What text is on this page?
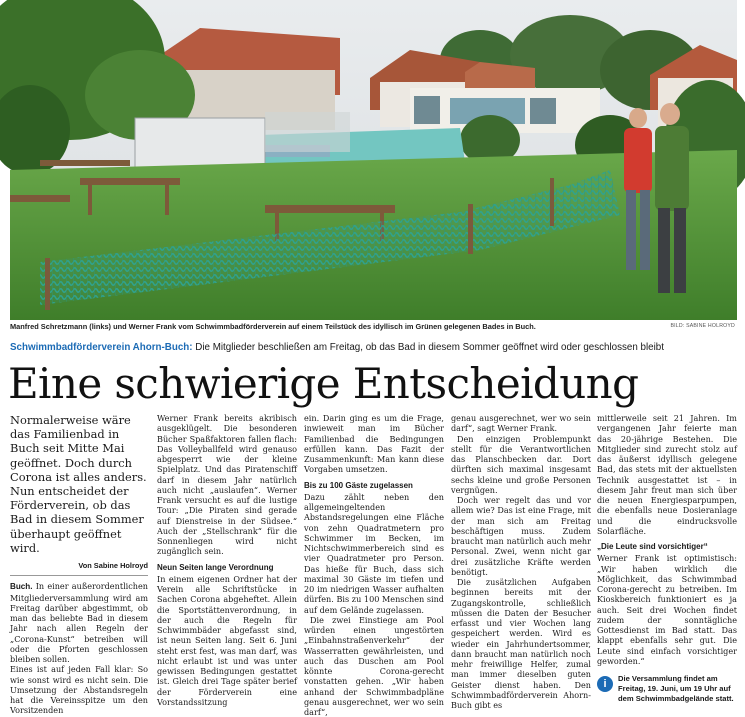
Manfred Schretzmann (links) und Werner Frank vom Schwimmbadförderverein auf einem Teilstück des idyllisch im Grünen gelegenen Bades in Buch.	BILD: SABINE HOLROYD
Schwimmbadförderverein Ahorn-Buch: Die Mitglieder beschließen am Freitag, ob das Bad in diesem Sommer geöffnet wird oder geschlossen bleibt
Eine schwierige Entscheidung

Normalerweise wäre das Familienbad in Buch seit Mitte Mai geöffnet. Doch durch Corona ist alles anders. Nun entscheidet der Förderverein, ob das Bad in diesem Sommer überhaupt geöffnet wird.

Von Sabine Holroyd

Buch. In einer außerordentlichen Mitgliederversammlung wird am Freitag darüber abgestimmt, ob man das beliebte Bad in diesem Jahr nach allen Regeln der „Corona-Kunst“ betreiben will oder die Pforten geschlossen bleiben sollen.

Eines ist auf jeden Fall klar: So wie sonst wird es nicht sein. Die Umsetzung der Abstandsregeln hat die Vereinsspitze um den Vorsitzenden

Werner Frank bereits akribisch ausgeklügelt. Die besonderen Bücher Spaßfaktoren fallen flach: Das Volleyballfeld wird genauso abgesperrt wie der kleine Spielplatz. Und das Piratenschiff darf in diesem Jahr natürlich auch nicht „auslaufen“. Werner Frank versucht es auf die lustige Tour: „Die Piraten sind gerade auf Dienstreise in der Südsee.“ Auch der „Stellschrank“ für die Sonnenliegen wird nicht zugänglich sein.

Neun Seiten lange Verordnung

In einem eigenen Ordner hat der Verein alle Schriftstücke in Sachen Corona abgeheftet. Allein die Sportstättenverordnung, in der auch die Regeln für Schwimmbäder abgefasst sind, ist neun Seiten lang. Seit 6. Juni steht erst fest, was man darf, was nicht erlaubt ist und was unter gewissen Bedingungen gestattet ist. Gleich drei Tage später berief der Förderverein eine Vorstandssitzung

ein. Darin ging es um die Frage, inwieweit man im Bücher Familienbad die Bedingungen erfüllen kann. Das Fazit der Zusammenkunft: Man kann diese Vorgaben umsetzen.

Bis zu 100 Gäste zugelassen

Dazu zählt neben den allgemeingeltenden Abstandsregelungen eine Fläche von zehn Quadratmetern pro Schwimmer im Becken, im Nichtschwimmerbereich sind es vier Quadratmeter pro Person. Das hieße für Buch, dass sich maximal 30 Gäste im tiefen und 20 im niedrigen Wasser aufhalten dürfen. Bis zu 100 Menschen sind auf dem Gelände zugelassen.

Die zwei Einstiege am Pool würden einen ungestörten „Einbahnstraßenverkehr“ der Wasserratten gewährleisten, und auch das Duschen am Pool könnte Corona-gerecht vonstatten gehen. „Wir haben anhand der Schwimmbadpläne genau ausgerechnet, wer wo sein darf“,

genau ausgerechnet, wer wo sein darf“, sagt Werner Frank.

Den einzigen Problempunkt stellt für die Verantwortlichen das Planschbecken dar. Dort dürften sich maximal insgesamt sechs kleine und große Personen vergnügen.

Doch wer regelt das und vor allem wie? Das ist eine Frage, mit der man sich am Freitag beschäftigen muss. Zudem braucht man natürlich auch mehr Personal. Zwei, wenn nicht gar drei zusätzliche Kräfte werden benötigt.

Die zusätzlichen Aufgaben beginnen bereits mit der Zugangskontrolle, schließlich müssen die Daten der Besucher erfasst und vier Wochen lang gespeichert werden. Wird es wieder ein Jahrhundertsommer, dann braucht man natürlich noch mehr freiwillige Helfer, zumal man immer dieselben guten Geister dienst haben. Den Schwimmbadförderverein Ahorn-Buch gibt es

mittlerweile seit 21 Jahren. Im vergangenen Jahr feierte man das 20-jährige Bestehen. Die Mitglieder sind zurecht stolz auf das äußerst idyllisch gelegene Bad, das stets mit der aktuellsten Technik ausgestattet ist – in diesem Jahr freut man sich über die neuen Energiesparpumpen, die ebenfalls neue Dosieranlage und die eindrucksvolle Solarfläche.

„Die Leute sind vorsichtiger“

Werner Frank ist optimistisch: „Wir haben wirklich die Möglichkeit, das Schwimmbad Corona-gerecht zu betreiben. Im Kioskbereich funktioniert es ja auch. Seit drei Wochen findet zudem der sonntägliche Gottesdienst im Bad statt. Das klappt ebenfalls sehr gut. Die Leute sind einfach vorsichtiger geworden.“

i	Die Versammlung findet am Freitag, 19. Juni, um 19 Uhr auf dem Schwimmbadgelände statt.
